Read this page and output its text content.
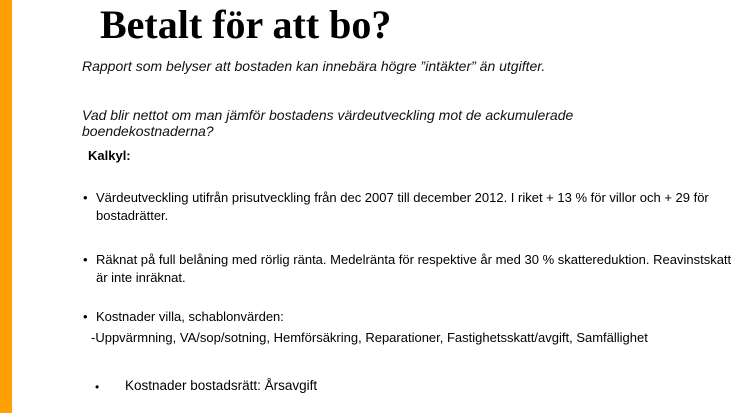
Betalt för att bo?

Rapport som belyser att bostaden kan innebära högre ”intäkter” än utgifter.

Vad blir nettot om man jämför bostadens värdeutveckling mot de ackumulerade boendekostnaderna?

Kalkyl:
• Värdeutveckling utifrån prisutveckling från dec 2007 till december 2012. I riket + 13 % för villor och + 29 för bostadrätter.
• Räknat på full belåning med rörlig ränta. Medelränta för respektive år med 30 % skattereduktion. Reavinstskatt är inte inräknat.
• Kostnader villa, schablonvärden:
-Uppvärmning, VA/sop/sotning, Hemförsäkring, Reparationer, Fastighetsskatt/avgift, Samfällighet
• Kostnader bostadsrätt: Årsavgift
